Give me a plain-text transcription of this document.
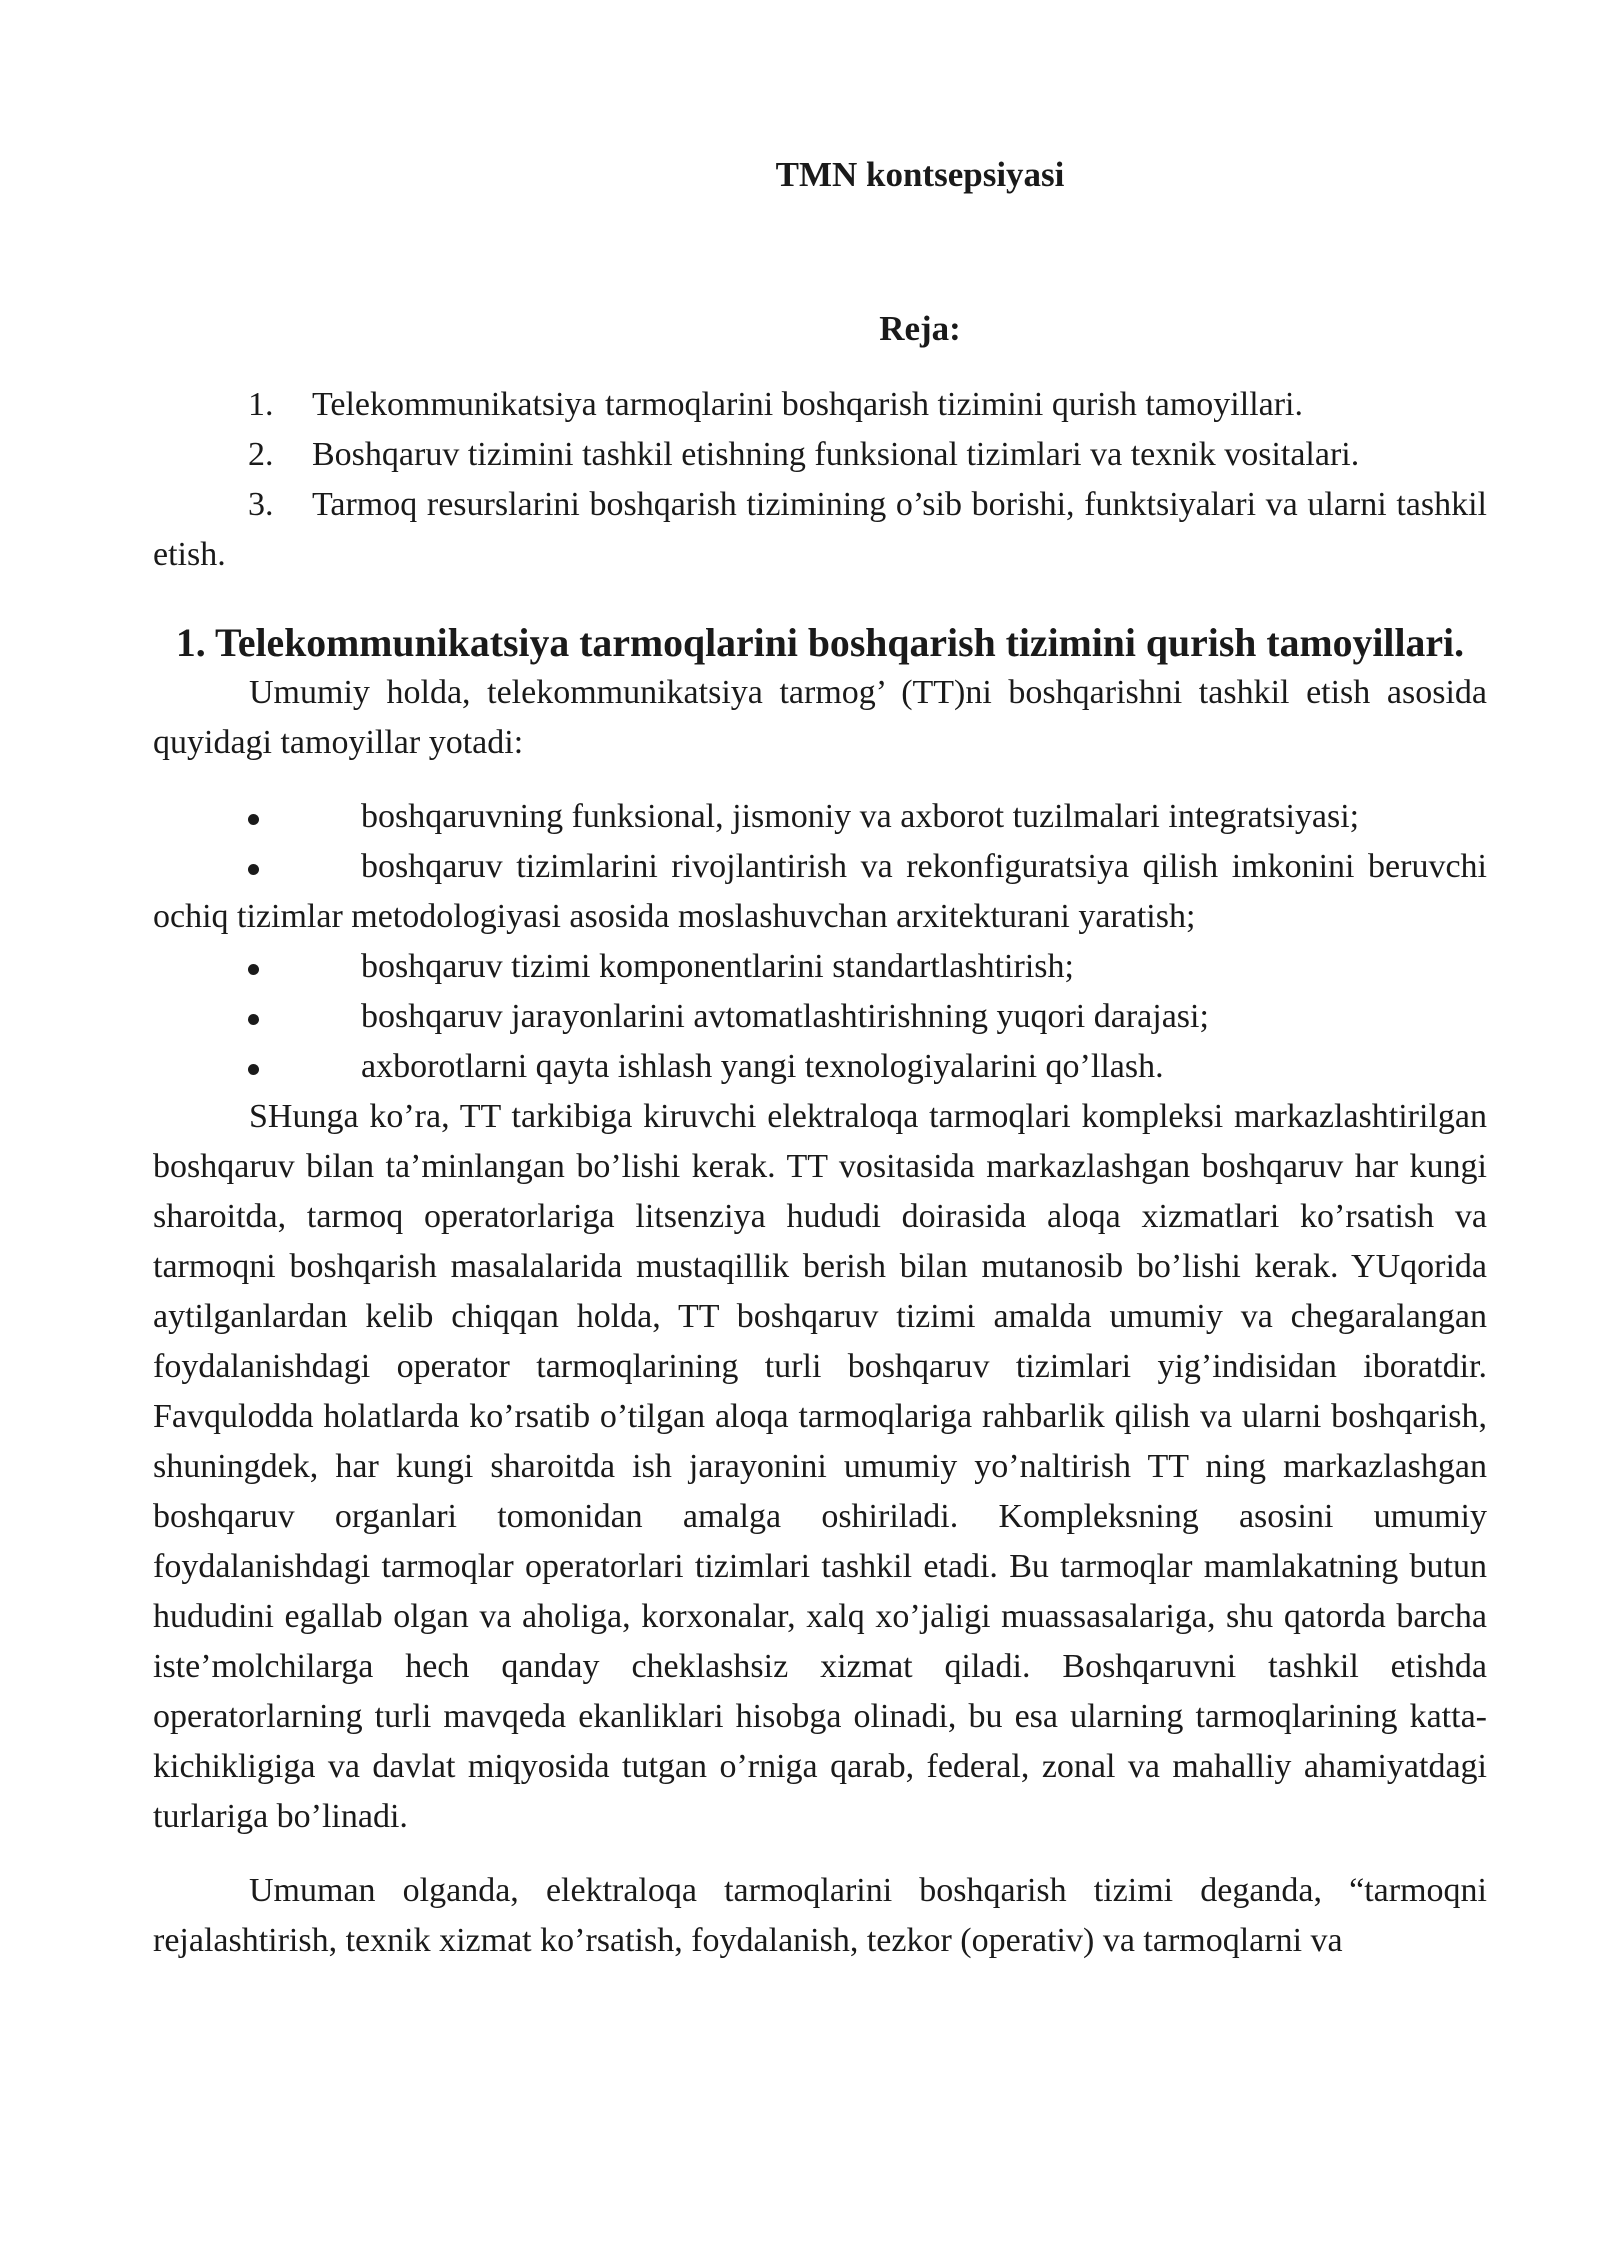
TMN kontsepsiyasi
Reja:

1. Telekommunikatsiya tarmoqlarini boshqarish tizimini qurish tamoyillari.

2. Boshqaruv tizimini tashkil etishning funksional tizimlari va texnik vositalari.

3. Tarmoq resurslarini boshqarish tizimining o’sib borishi, funktsiyalari va ularni tashkil etish.

1. Telekommunikatsiya tarmoqlarini boshqarish tizimini qurish tamoyillari.

Umumiy holda, telekommunikatsiya tarmog’ (TT)ni boshqarishni tashkil etish asosida quyidagi tamoyillar yotadi:

boshqaruvning funksional, jismoniy va axborot tuzilmalari integratsiyasi;
boshqaruv tizimlarini rivojlantirish va rekonfiguratsiya qilish imkonini beruvchi ochiq tizimlar metodologiyasi asosida moslashuvchan arxitekturani yaratish;
boshqaruv tizimi komponentlarini standartlashtirish;
boshqaruv jarayonlarini avtomatlashtirishning yuqori darajasi;
axborotlarni qayta ishlash yangi texnologiyalarini qo’llash.

SHunga ko’ra, TT tarkibiga kiruvchi elektraloqa tarmoqlari kompleksi markazlashtirilgan boshqaruv bilan ta’minlangan bo’lishi kerak. TT vositasida markazlashgan boshqaruv har kungi sharoitda, tarmoq operatorlariga litsenziya hududi doirasida aloqa xizmatlari ko’rsatish va tarmoqni boshqarish masalalarida mustaqillik berish bilan mutanosib bo’lishi kerak. YUqorida aytilganlardan kelib chiqqan holda, TT boshqaruv tizimi amalda umumiy va chegaralangan foydalanishdagi operator tarmoqlarining turli boshqaruv tizimlari yig’indisidan iboratdir. Favqulodda holatlarda ko’rsatib o’tilgan aloqa tarmoqlariga rahbarlik qilish va ularni boshqarish, shuningdek, har kungi sharoitda ish jarayonini umumiy yo’naltirish TT ning markazlashgan boshqaruv organlari tomonidan amalga oshiriladi. Kompleksning asosini umumiy foydalanishdagi tarmoqlar operatorlari tizimlari tashkil etadi. Bu tarmoqlar mamlakatning butun hududini egallab olgan va aholiga, korxonalar, xalq xo’jaligi muassasalariga, shu qatorda barcha iste’molchilarga hech qanday cheklashsiz xizmat qiladi. Boshqaruvni tashkil etishda operatorlarning turli mavqeda ekanliklari hisobga olinadi, bu esa ularning tarmoqlarining katta-kichikligiga va davlat miqyosida tutgan o’rniga qarab, federal, zonal va mahalliy ahamiyatdagi turlariga bo’linadi.

Umuman olganda, elektraloqa tarmoqlarini boshqarish tizimi deganda, “tarmoqni rejalashtirish, texnik xizmat ko’rsatish, foydalanish, tezkor (operativ) va tarmoqlarni va
